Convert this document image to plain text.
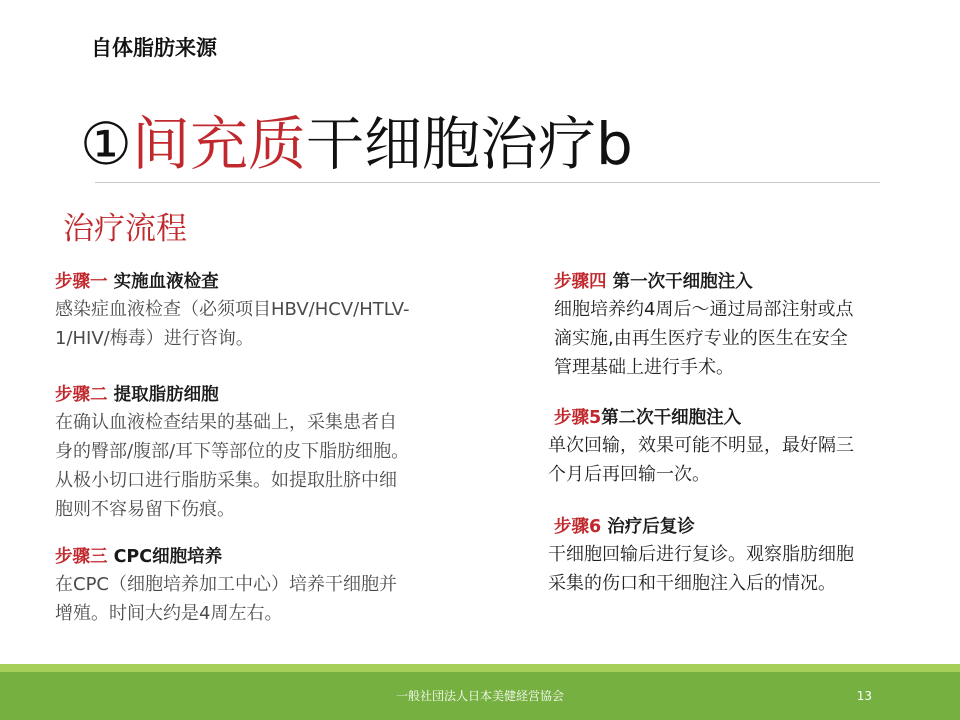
自体脂肪来源
①间充质干细胞治疗b
治疗流程
步骤一 实施血液检查
感染症血液检查（必须项目HBV/HCV/HTLV-
1/HIV/梅毒）进行咨询。
步骤二 提取脂肪细胞
在确认血液检查结果的基础上，采集患者自
身的臀部/腹部/耳下等部位的皮下脂肪细胞。
从极小切口进行脂肪采集。如提取肚脐中细
胞则不容易留下伤痕。
步骤三 CPC细胞培养
在CPC（细胞培养加工中心）培养干细胞并
增殖。时间大约是4周左右。
步骤四 第一次干细胞注入
细胞培养约4周后～通过局部注射或点
滴实施,由再生医疗专业的医生在安全
管理基础上进行手术。
步骤5第二次干细胞注入
单次回输，效果可能不明显，最好隔三
个月后再回输一次。
步骤6 治疗后复诊
干细胞回输后进行复诊。观察脂肪细胞
采集的伤口和干细胞注入后的情况。
一般社団法人日本美健経営協会	13
